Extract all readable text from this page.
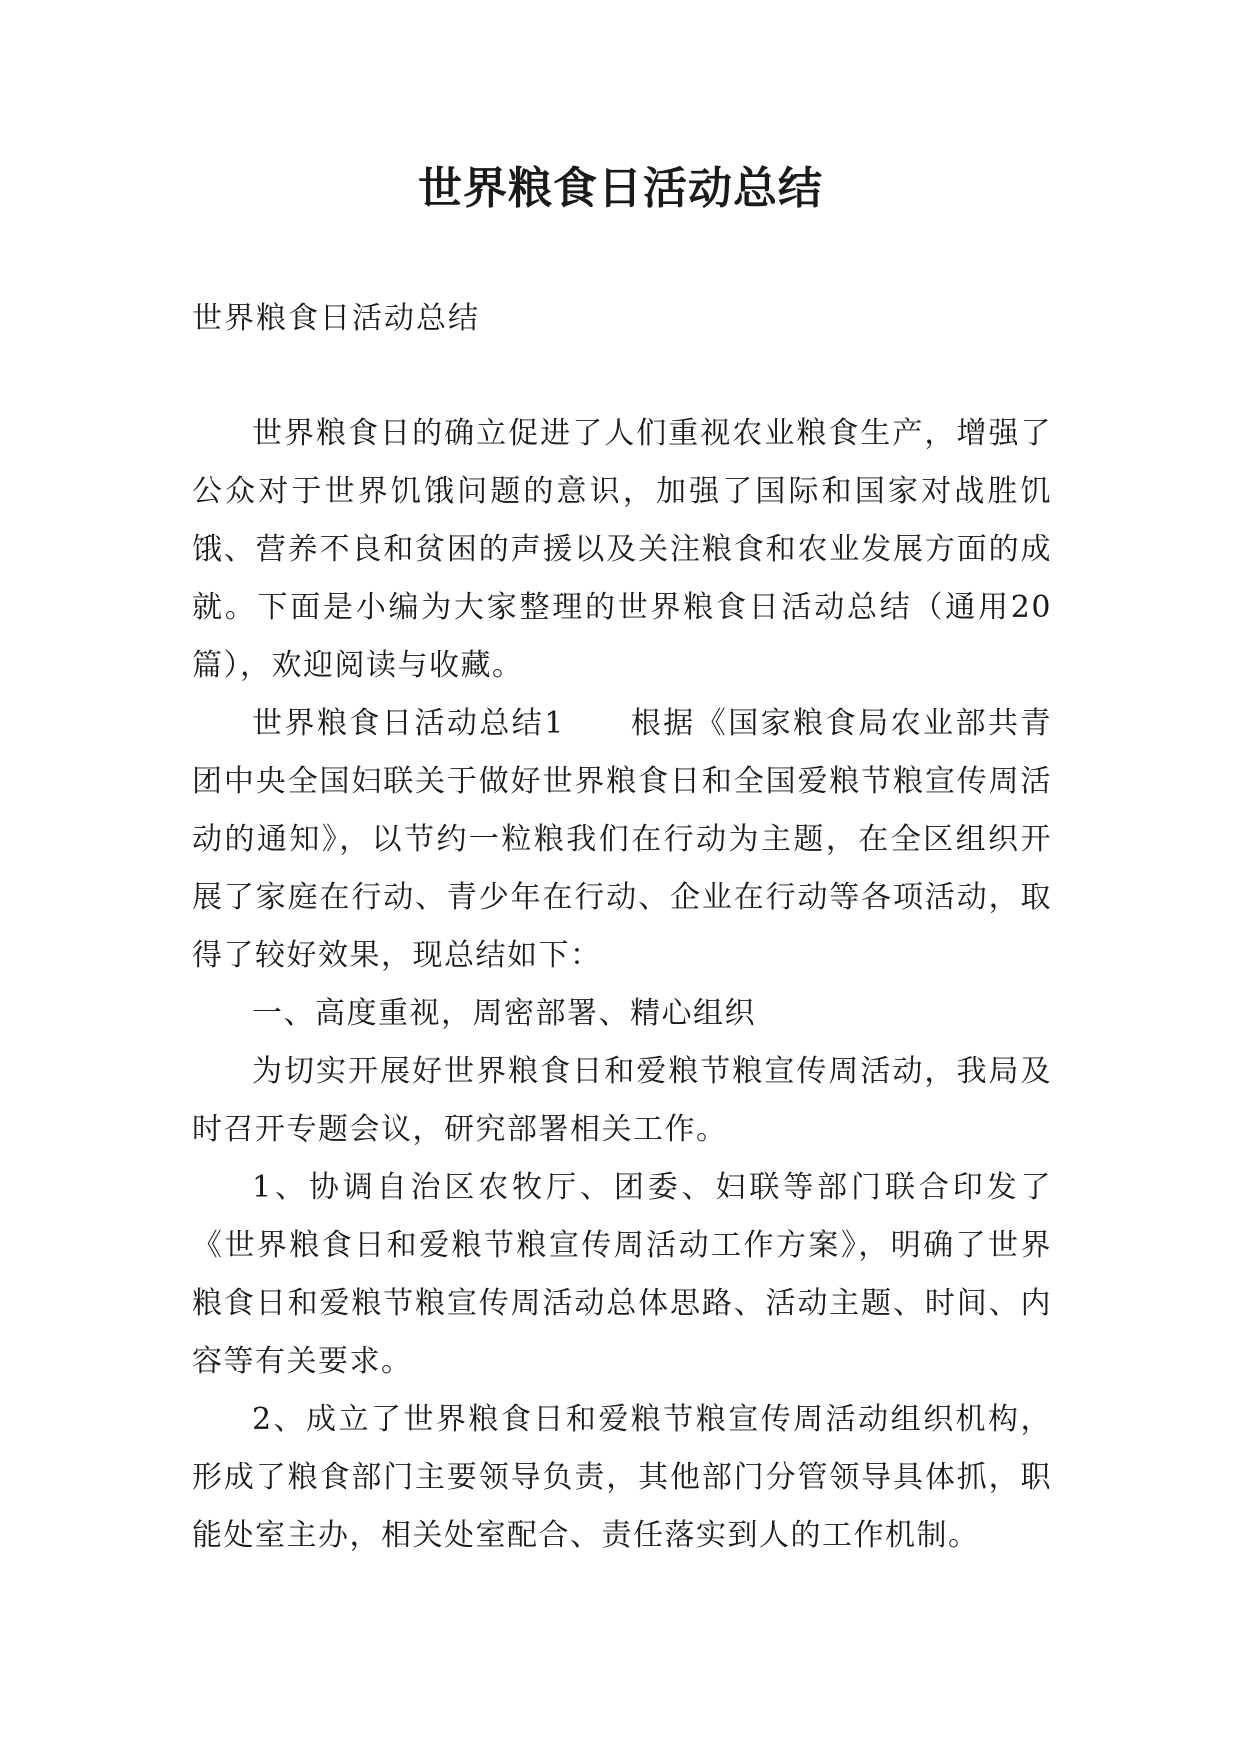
世界粮食日活动总结
世界粮食日活动总结

世界粮食日的确立促进了人们重视农业粮食生产，增强了公众对于世界饥饿问题的意识，加强了国际和国家对战胜饥饿、营养不良和贫困的声援以及关注粮食和农业发展方面的成就。下面是小编为大家整理的世界粮食日活动总结（通用20篇），欢迎阅读与收藏。

世界粮食日活动总结1　　根据《国家粮食局农业部共青团中央全国妇联关于做好世界粮食日和全国爱粮节粮宣传周活动的通知》，以节约一粒粮我们在行动为主题，在全区组织开展了家庭在行动、青少年在行动、企业在行动等各项活动，取得了较好效果，现总结如下：

一、高度重视，周密部署、精心组织

为切实开展好世界粮食日和爱粮节粮宣传周活动，我局及时召开专题会议，研究部署相关工作。

1、协调自治区农牧厅、团委、妇联等部门联合印发了《世界粮食日和爱粮节粮宣传周活动工作方案》，明确了世界粮食日和爱粮节粮宣传周活动总体思路、活动主题、时间、内容等有关要求。

2、成立了世界粮食日和爱粮节粮宣传周活动组织机构，形成了粮食部门主要领导负责，其他部门分管领导具体抓，职能处室主办，相关处室配合、责任落实到人的工作机制。
